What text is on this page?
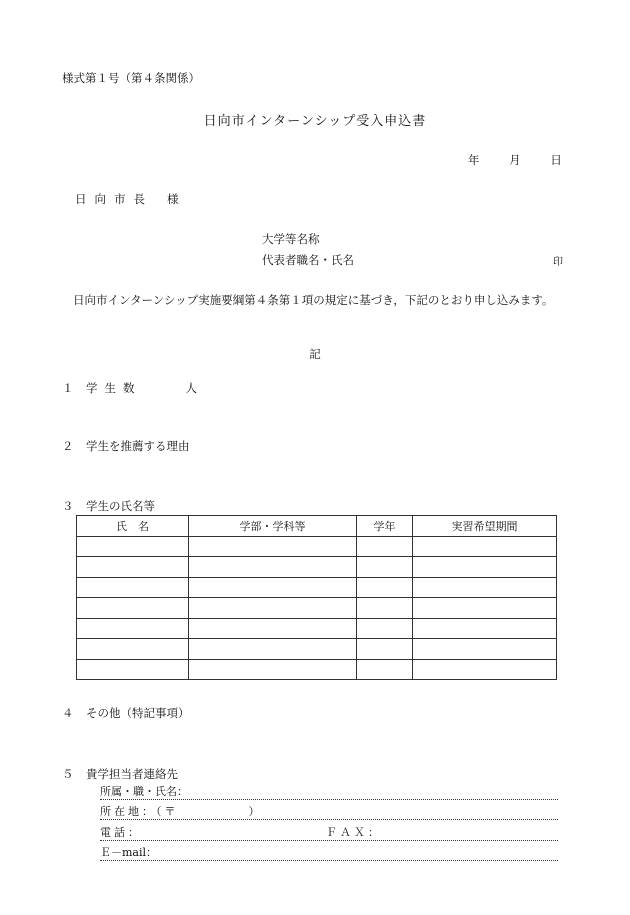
様式第１号（第４条関係）
日向市インターンシップ受入申込書
年	月	日
日向市長 様
大学等名称
代表者職名・氏名	印
日向市インターンシップ実施要綱第４条第１項の規定に基づき，下記のとおり申し込みます。
記
１ 学生数	人
２ 学生を推薦する理由
３ 学生の氏名等
氏　名	学部・学科等	学年	実習希望期間

４ その他（特記事項）
５ 貴学担当者連絡先
所属・職・氏名：
所在地：（〒　　　　　）
電話：	ＦＡＸ：
Ｅ－mail：
